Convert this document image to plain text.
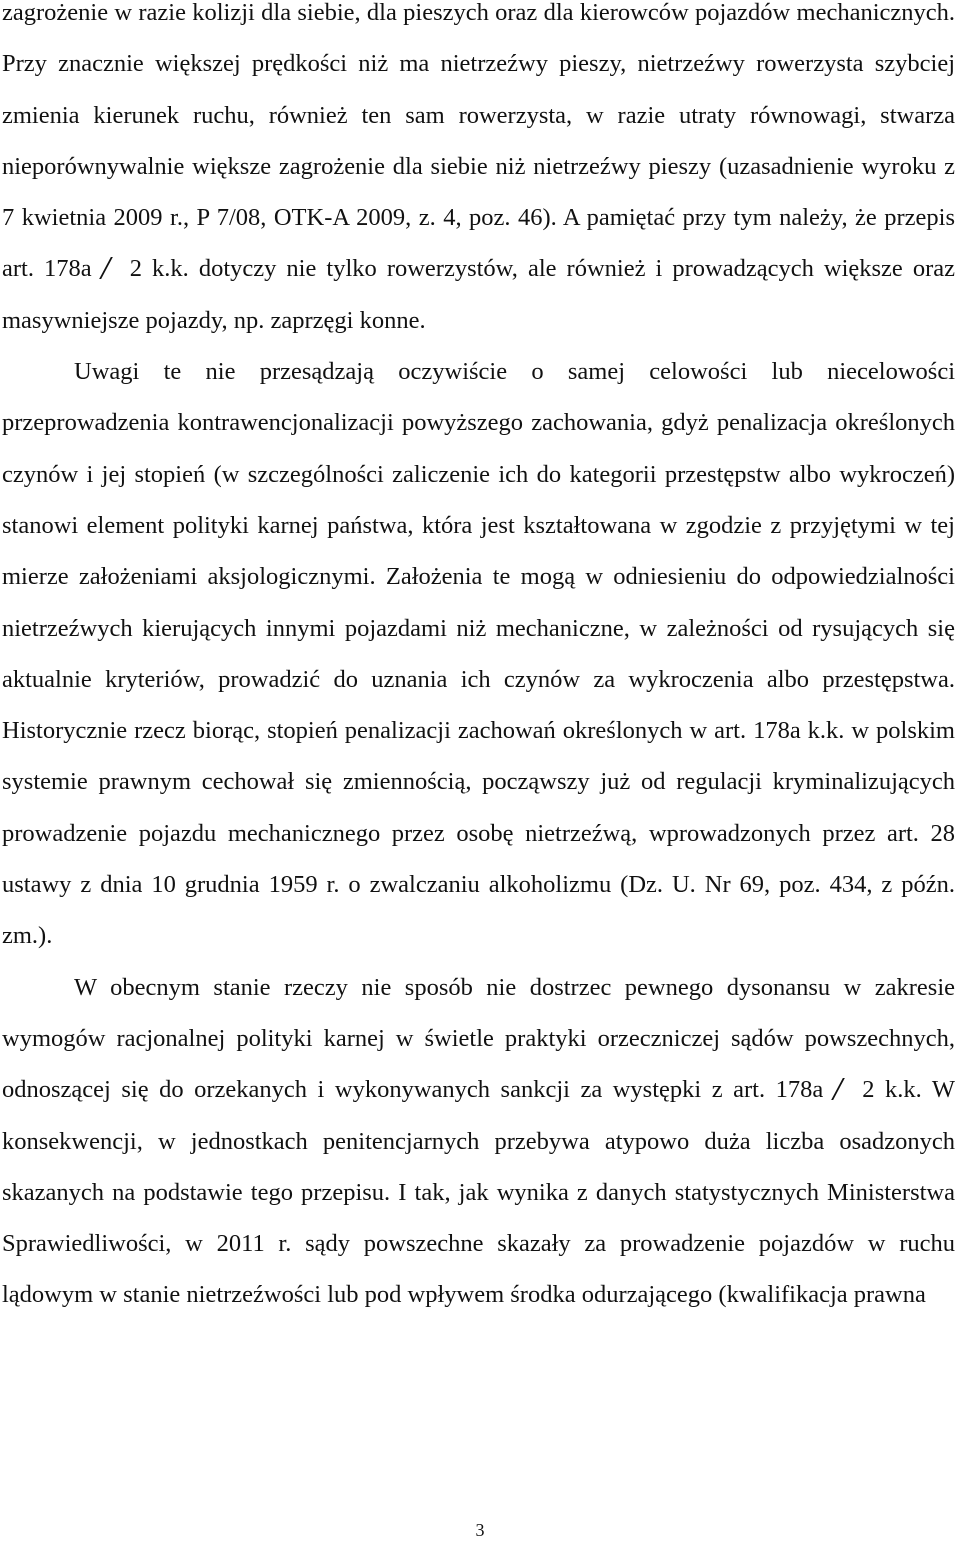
zagrożenie w razie kolizji dla siebie, dla pieszych oraz dla kierowców pojazdów mechanicznych. Przy znacznie większej prędkości niż ma nietrzeźwy pieszy, nietrzeźwy rowerzysta szybciej zmienia kierunek ruchu, również ten sam rowerzysta, w razie utraty równowagi, stwarza nieporównywalnie większe zagrożenie dla siebie niż nietrzeźwy pieszy (uzasadnienie wyroku z 7 kwietnia 2009 r., P 7/08, OTK-A 2009, z. 4, poz. 46). A pamiętać przy tym należy, że przepis art. 178a 2 k.k. dotyczy nie tylko rowerzystów, ale również i prowadzących większe oraz masywniejsze pojazdy, np. zaprzęgi konne.

Uwagi te nie przesądzają oczywiście o samej celowości lub niecelowości przeprowadzenia kontrawencjonalizacji powyższego zachowania, gdyż penalizacja określonych czynów i jej stopień (w szczególności zaliczenie ich do kategorii przestępstw albo wykroczeń) stanowi element polityki karnej państwa, która jest kształtowana w zgodzie z przyjętymi w tej mierze założeniami aksjologicznymi. Założenia te mogą w odniesieniu do odpowiedzialności nietrzeźwych kierujących innymi pojazdami niż mechaniczne, w zależności od rysujących się aktualnie kryteriów, prowadzić do uznania ich czynów za wykroczenia albo przestępstwa. Historycznie rzecz biorąc, stopień penalizacji zachowań określonych w art. 178a k.k. w polskim systemie prawnym cechował się zmiennością, począwszy już od regulacji kryminalizujących prowadzenie pojazdu mechanicznego przez osobę nietrzeźwą, wprowadzonych przez art. 28 ustawy z dnia 10 grudnia 1959 r. o zwalczaniu alkoholizmu (Dz. U. Nr 69, poz. 434, z późn. zm.).

W obecnym stanie rzeczy nie sposób nie dostrzec pewnego dysonansu w zakresie wymogów racjonalnej polityki karnej w świetle praktyki orzeczniczej sądów powszechnych, odnoszącej się do orzekanych i wykonywanych sankcji za występki z art. 178a 2 k.k. W konsekwencji, w jednostkach penitencjarnych przebywa atypowo duża liczba osadzonych skazanych na podstawie tego przepisu. I tak, jak wynika z danych statystycznych Ministerstwa Sprawiedliwości, w 2011 r. sądy powszechne skazały za prowadzenie pojazdów w ruchu lądowym w stanie nietrzeźwości lub pod wpływem środka odurzającego (kwalifikacja prawna

3
